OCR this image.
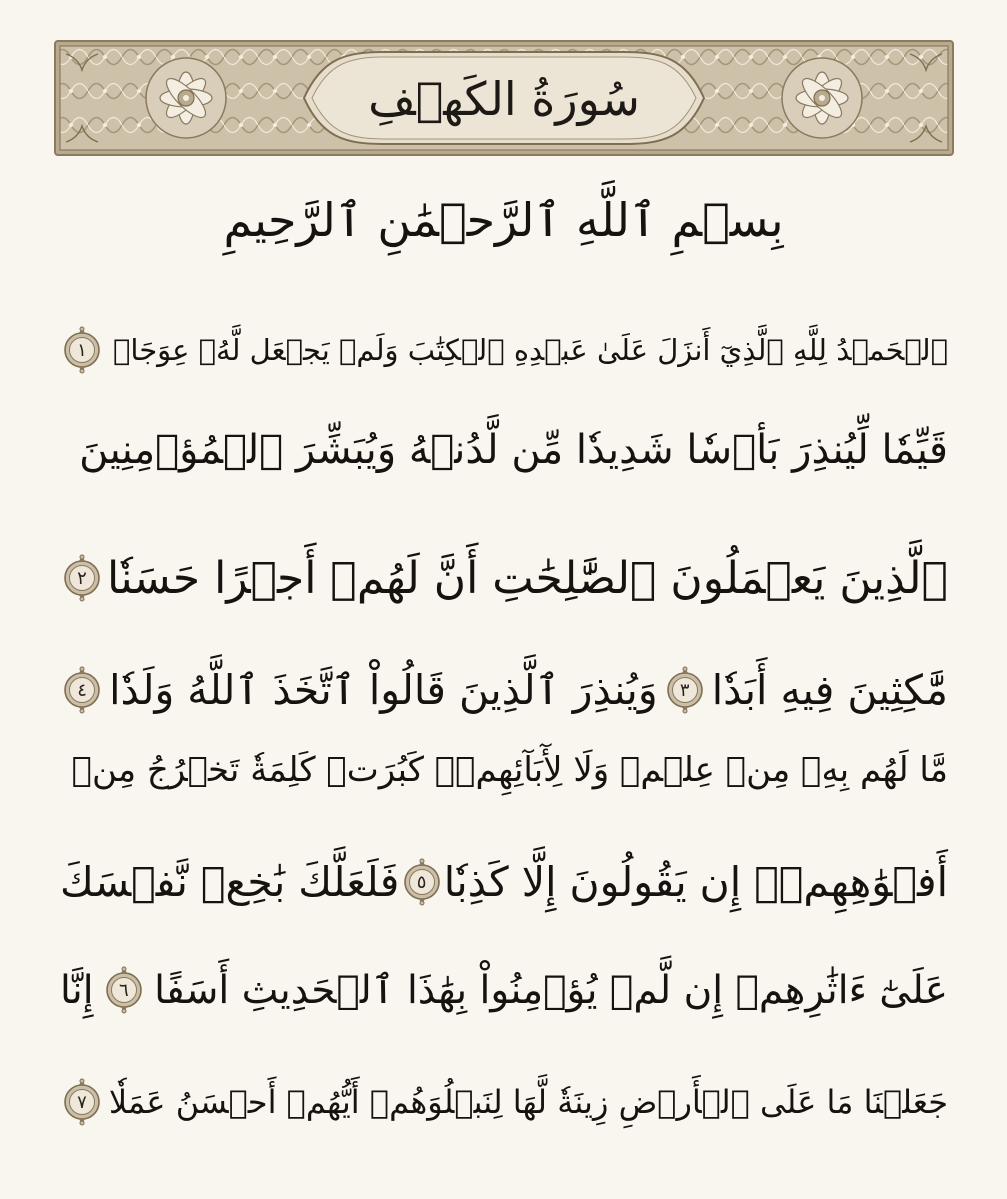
سُورَةُ الكَهۡفِ
بِسۡمِ ٱللَّهِ ٱلرَّحۡمَٰنِ ٱلرَّحِيمِ
ٱلۡحَمۡدُ لِلَّهِ ٱلَّذِيٓ أَنزَلَ عَلَىٰ عَبۡدِهِ ٱلۡكِتَٰبَ وَلَمۡ يَجۡعَل لَّهُۥ عِوَجَاۜ
١
قَيِّمٗا لِّيُنذِرَ بَأۡسٗا شَدِيدٗا مِّن لَّدُنۡهُ وَيُبَشِّرَ ٱلۡمُؤۡمِنِينَ
ٱلَّذِينَ يَعۡمَلُونَ ٱلصَّٰلِحَٰتِ أَنَّ لَهُمۡ أَجۡرًا حَسَنٗا
٢
مَّٰكِثِينَ فِيهِ أَبَدٗا
٣
وَيُنذِرَ ٱلَّذِينَ قَالُواْ ٱتَّخَذَ ٱللَّهُ وَلَدٗا
٤
مَّا لَهُم بِهِۦ مِنۡ عِلۡمٖ وَلَا لِأٓبَآئِهِمۡۚ كَبُرَتۡ كَلِمَةٗ تَخۡرُجُ مِنۡ
أَفۡوَٰهِهِمۡۚ إِن يَقُولُونَ إِلَّا كَذِبٗا
٥
فَلَعَلَّكَ بَٰخِعٞ نَّفۡسَكَ
عَلَىٰٓ ءَاثَٰرِهِمۡ إِن لَّمۡ يُؤۡمِنُواْ بِهَٰذَا ٱلۡحَدِيثِ أَسَفًا
٦
إِنَّا
جَعَلۡنَا مَا عَلَى ٱلۡأَرۡضِ زِينَةٗ لَّهَا لِنَبۡلُوَهُمۡ أَيُّهُمۡ أَحۡسَنُ عَمَلٗا
٧
